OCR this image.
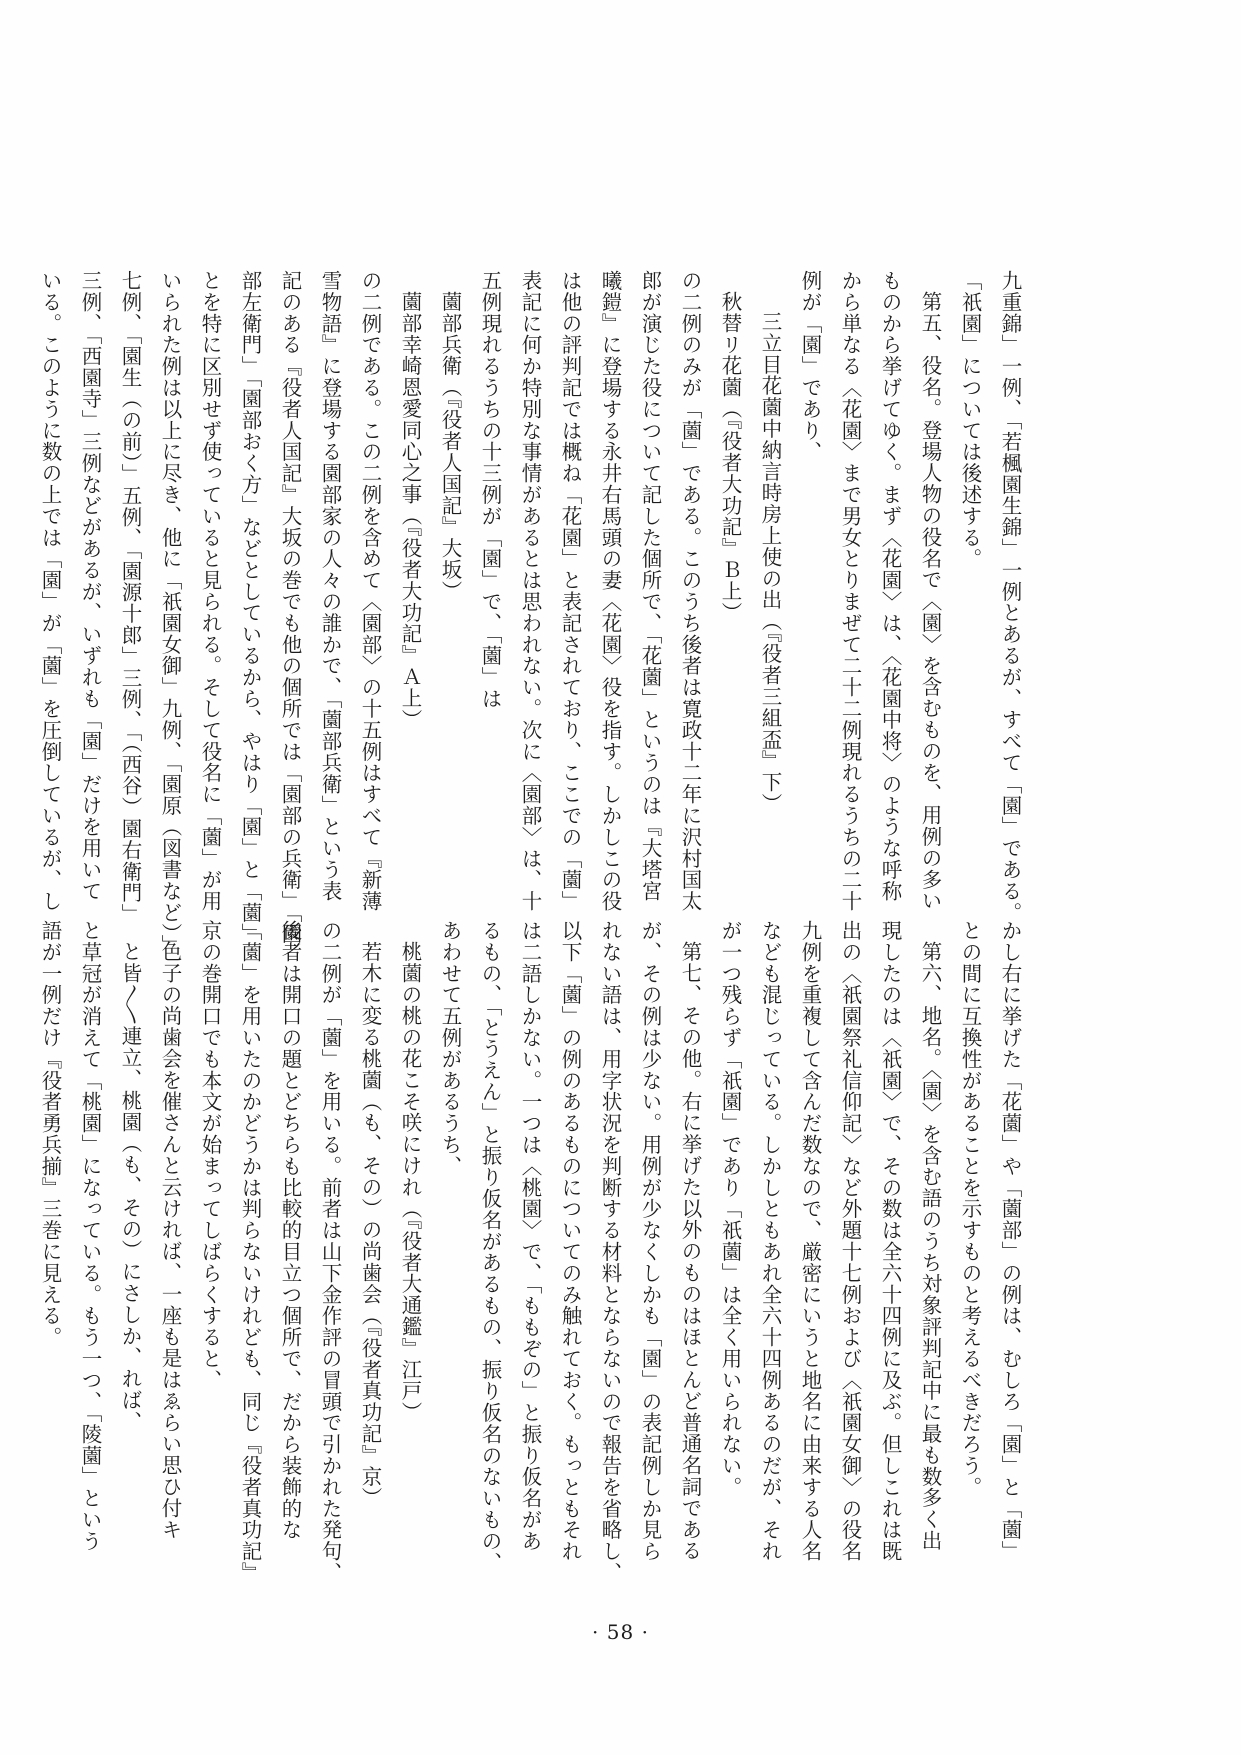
九重錦」一例、「若楓園生錦」一例とあるが、すべて「園」である。
「祇園」については後述する。
第五、役名。登場人物の役名で〈園〉を含むものを、用例の多い
ものから挙げてゆく。まず〈花園〉は、〈花園中将〉のような呼称
から単なる〈花園〉まで男女とりまぜて二十二例現れるうちの二十
例が「園」であり、
三立目花薗中納言時房上使の出（『役者三組盃』下）
秋替リ花薗（『役者大功記』Ｂ上）
の二例のみが「薗」である。このうち後者は寛政十二年に沢村国太
郎が演じた役について記した個所で、「花薗」というのは『大塔宮
曦鎧』に登場する永井右馬頭の妻〈花園〉役を指す。しかしこの役
は他の評判記では概ね「花園」と表記されており、ここでの「薗」
表記に何か特別な事情があるとは思われない。次に〈園部〉は、十
五例現れるうちの十三例が「園」で、「薗」は
薗部兵衛（『役者人国記』大坂）
薗部幸崎恩愛同心之事（『役者大功記』Ａ上）
の二例である。この二例を含めて〈園部〉の十五例はすべて『新薄
雪物語』に登場する園部家の人々の誰かで、「薗部兵衛」という表
記のある『役者人国記』大坂の巻でも他の個所では「園部の兵衛」「園
部左衛門」「園部おく方」などとしているから、やはり「園」と「薗」
とを特に区別せず使っていると見られる。そして役名に「薗」が用
いられた例は以上に尽き、他に「祇園女御」九例、「園原（図書など）」
七例、「園生（の前）」五例、「園源十郎」三例、「（西谷）園右衛門」
三例、「西園寺」三例などがあるが、いずれも「園」だけを用いて
いる。このように数の上では「園」が「薗」を圧倒しているが、し
かし右に挙げた「花薗」や「薗部」の例は、むしろ「園」と「薗」
との間に互換性があることを示すものと考えるべきだろう。
第六、地名。〈園〉を含む語のうち対象評判記中に最も数多く出
現したのは〈祇園〉で、その数は全六十四例に及ぶ。但しこれは既
出の〈祇園祭礼信仰記〉など外題十七例および〈祇園女御〉の役名
九例を重複して含んだ数なので、厳密にいうと地名に由来する人名
なども混じっている。しかしともあれ全六十四例あるのだが、それ
が一つ残らず「祇園」であり「祇薗」は全く用いられない。
第七、その他。右に挙げた以外のものはほとんど普通名詞である
が、その例は少ない。用例が少なくしかも「園」の表記例しか見ら
れない語は、用字状況を判断する材料とならないので報告を省略し、
以下「薗」の例のあるものについてのみ触れておく。もっともそれ
は二語しかない。一つは〈桃園〉で、「ももぞの」と振り仮名があ
るもの、「とうえん」と振り仮名があるもの、振り仮名のないもの、
あわせて五例があるうち、
桃薗の桃の花こそ咲にけれ（『役者大通鑑』江戸）
若木に変る桃薗（も、その）の尚歯会（『役者真功記』京）
の二例が「薗」を用いる。前者は山下金作評の冒頭で引かれた発句、
後者は開口の題とどちらも比較的目立つ個所で、だから装飾的な
「薗」を用いたのかどうかは判らないけれども、同じ『役者真功記』
京の巻開口でも本文が始まってしばらくすると、
色子の尚歯会を催さんと云ければ、一座も是はゑらい思ひ付キ
と皆〳〵連立、桃園（も、その）にさしか、れば、
と草冠が消えて「桃園」になっている。もう一つ、「陵薗」という
語が一例だけ『役者勇兵揃』三巻に見える。
· 58 ·
